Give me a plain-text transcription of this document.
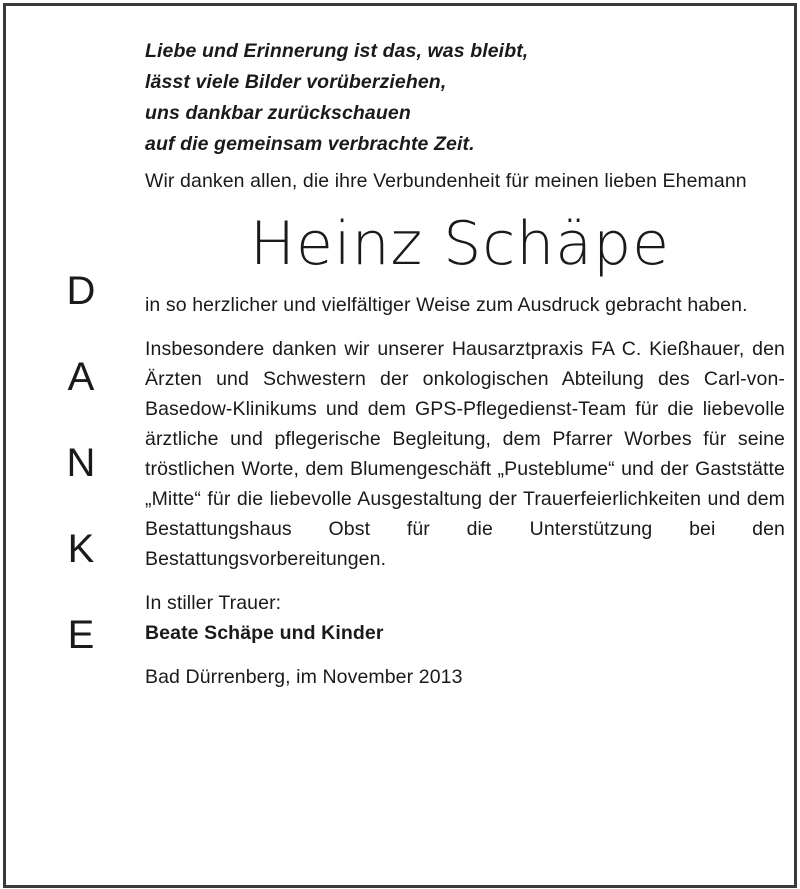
D
A
N
K
E
Liebe und Erinnerung ist das, was bleibt,
lässt viele Bilder vorüberziehen,
uns dankbar zurückschauen
auf die gemeinsam verbrachte Zeit.

Wir danken allen, die ihre Verbundenheit für meinen lieben Ehemann

Heinz Schäpe

in so herzlicher und vielfältiger Weise zum Ausdruck gebracht haben.

Insbesondere danken wir unserer Hausarztpraxis FA C. Kießhauer, den Ärzten und Schwestern der onkologischen Abteilung des Carl-von-Basedow-Klinikums und dem GPS-Pflegedienst-Team für die liebevolle ärztliche und pflegerische Begleitung, dem Pfarrer Worbes für seine tröstlichen Worte, dem Blumengeschäft „Pusteblume“ und der Gaststätte „Mitte“ für die liebevolle Ausgestaltung der Trauerfeierlichkeiten und dem Bestattungshaus Obst für die Unterstützung bei den Bestattungsvorbereitungen.

In stiller Trauer:
Beate Schäpe und Kinder
Bad Dürrenberg, im November 2013
